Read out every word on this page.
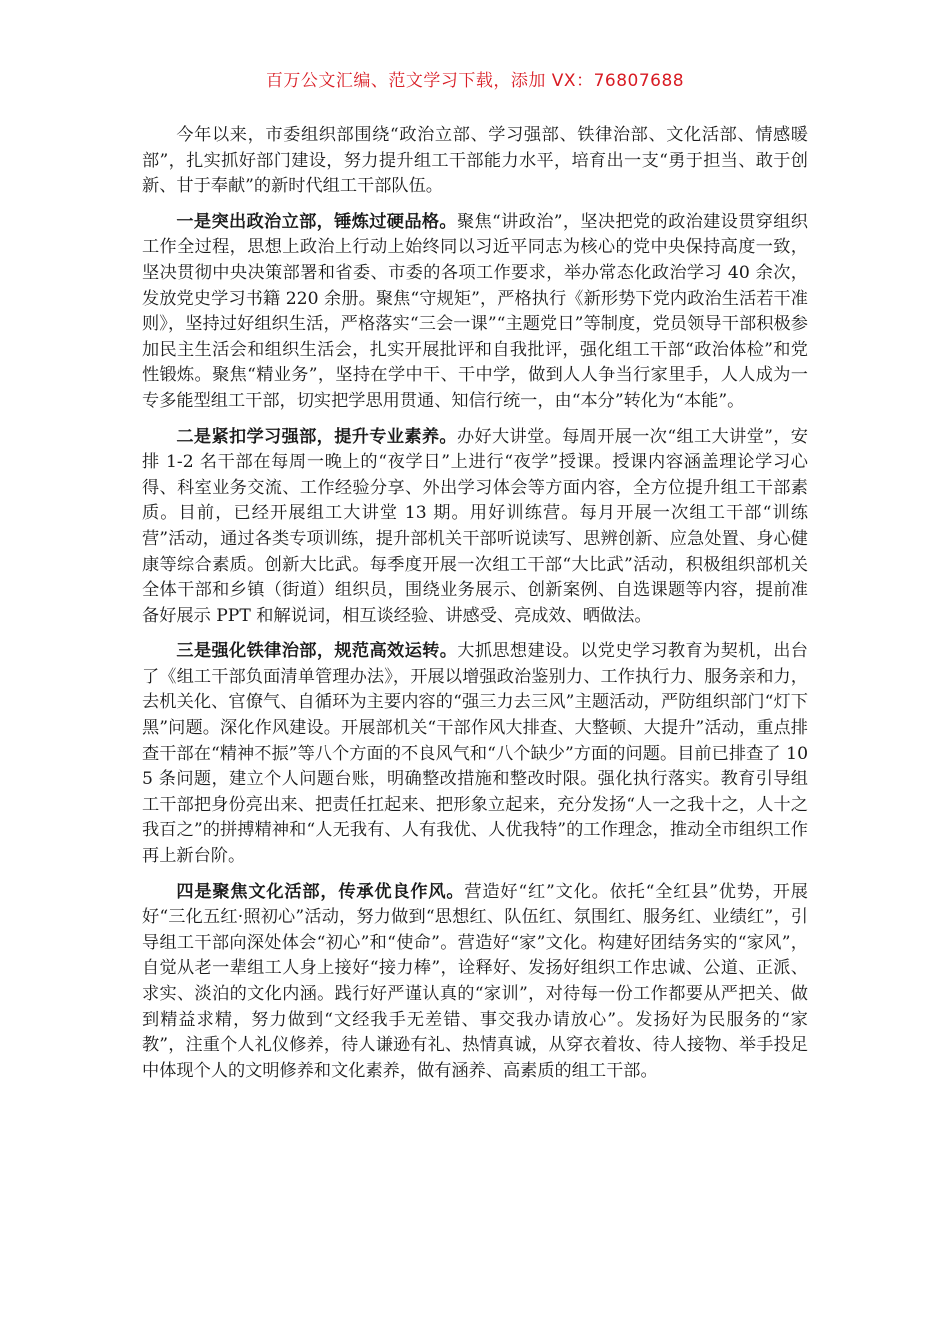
百万公文汇编、范文学习下载，添加 VX：76807688

今年以来，市委组织部围绕“政治立部、学习强部、铁律治部、文化活部、情感暖部”，扎实抓好部门建设，努力提升组工干部能力水平，培育出一支“勇于担当、敢于创新、甘于奉献”的新时代组工干部队伍。

一是突出政治立部，锤炼过硬品格。聚焦“讲政治”，坚决把党的政治建设贯穿组织工作全过程，思想上政治上行动上始终同以习近平同志为核心的党中央保持高度一致，坚决贯彻中央决策部署和省委、市委的各项工作要求，举办常态化政治学习 40 余次，发放党史学习书籍 220 余册。聚焦“守规矩”，严格执行《新形势下党内政治生活若干准则》，坚持过好组织生活，严格落实“三会一课”“主题党日”等制度，党员领导干部积极参加民主生活会和组织生活会，扎实开展批评和自我批评，强化组工干部“政治体检”和党性锻炼。聚焦“精业务”，坚持在学中干、干中学，做到人人争当行家里手，人人成为一专多能型组工干部，切实把学思用贯通、知信行统一，由“本分”转化为“本能”。

二是紧扣学习强部，提升专业素养。办好大讲堂。每周开展一次“组工大讲堂”，安排 1-2 名干部在每周一晚上的“夜学日”上进行“夜学”授课。授课内容涵盖理论学习心得、科室业务交流、工作经验分享、外出学习体会等方面内容，全方位提升组工干部素质。目前，已经开展组工大讲堂 13 期。用好训练营。每月开展一次组工干部“训练营”活动，通过各类专项训练，提升部机关干部听说读写、思辨创新、应急处置、身心健康等综合素质。创新大比武。每季度开展一次组工干部“大比武”活动，积极组织部机关全体干部和乡镇（街道）组织员，围绕业务展示、创新案例、自选课题等内容，提前准备好展示 PPT 和解说词，相互谈经验、讲感受、亮成效、晒做法。

三是强化铁律治部，规范高效运转。大抓思想建设。以党史学习教育为契机，出台了《组工干部负面清单管理办法》，开展以增强政治鉴别力、工作执行力、服务亲和力，去机关化、官僚气、自循环为主要内容的“强三力去三风”主题活动，严防组织部门“灯下黑”问题。深化作风建设。开展部机关“干部作风大排查、大整顿、大提升”活动，重点排查干部在“精神不振”等八个方面的不良风气和“八个缺少”方面的问题。目前已排查了 105 条问题，建立个人问题台账，明确整改措施和整改时限。强化执行落实。教育引导组工干部把身份亮出来、把责任扛起来、把形象立起来，充分发扬“人一之我十之，人十之我百之”的拼搏精神和“人无我有、人有我优、人优我特”的工作理念，推动全市组织工作再上新台阶。

四是聚焦文化活部，传承优良作风。营造好“红”文化。依托“全红县”优势，开展好“三化五红·照初心”活动，努力做到“思想红、队伍红、氛围红、服务红、业绩红”，引导组工干部向深处体会“初心”和“使命”。营造好“家”文化。构建好团结务实的“家风”，自觉从老一辈组工人身上接好“接力棒”，诠释好、发扬好组织工作忠诚、公道、正派、求实、淡泊的文化内涵。践行好严谨认真的“家训”，对待每一份工作都要从严把关、做到精益求精，努力做到“文经我手无差错、事交我办请放心”。发扬好为民服务的“家教”，注重个人礼仪修养，待人谦逊有礼、热情真诚，从穿衣着妆、待人接物、举手投足中体现个人的文明修养和文化素养，做有涵养、高素质的组工干部。
